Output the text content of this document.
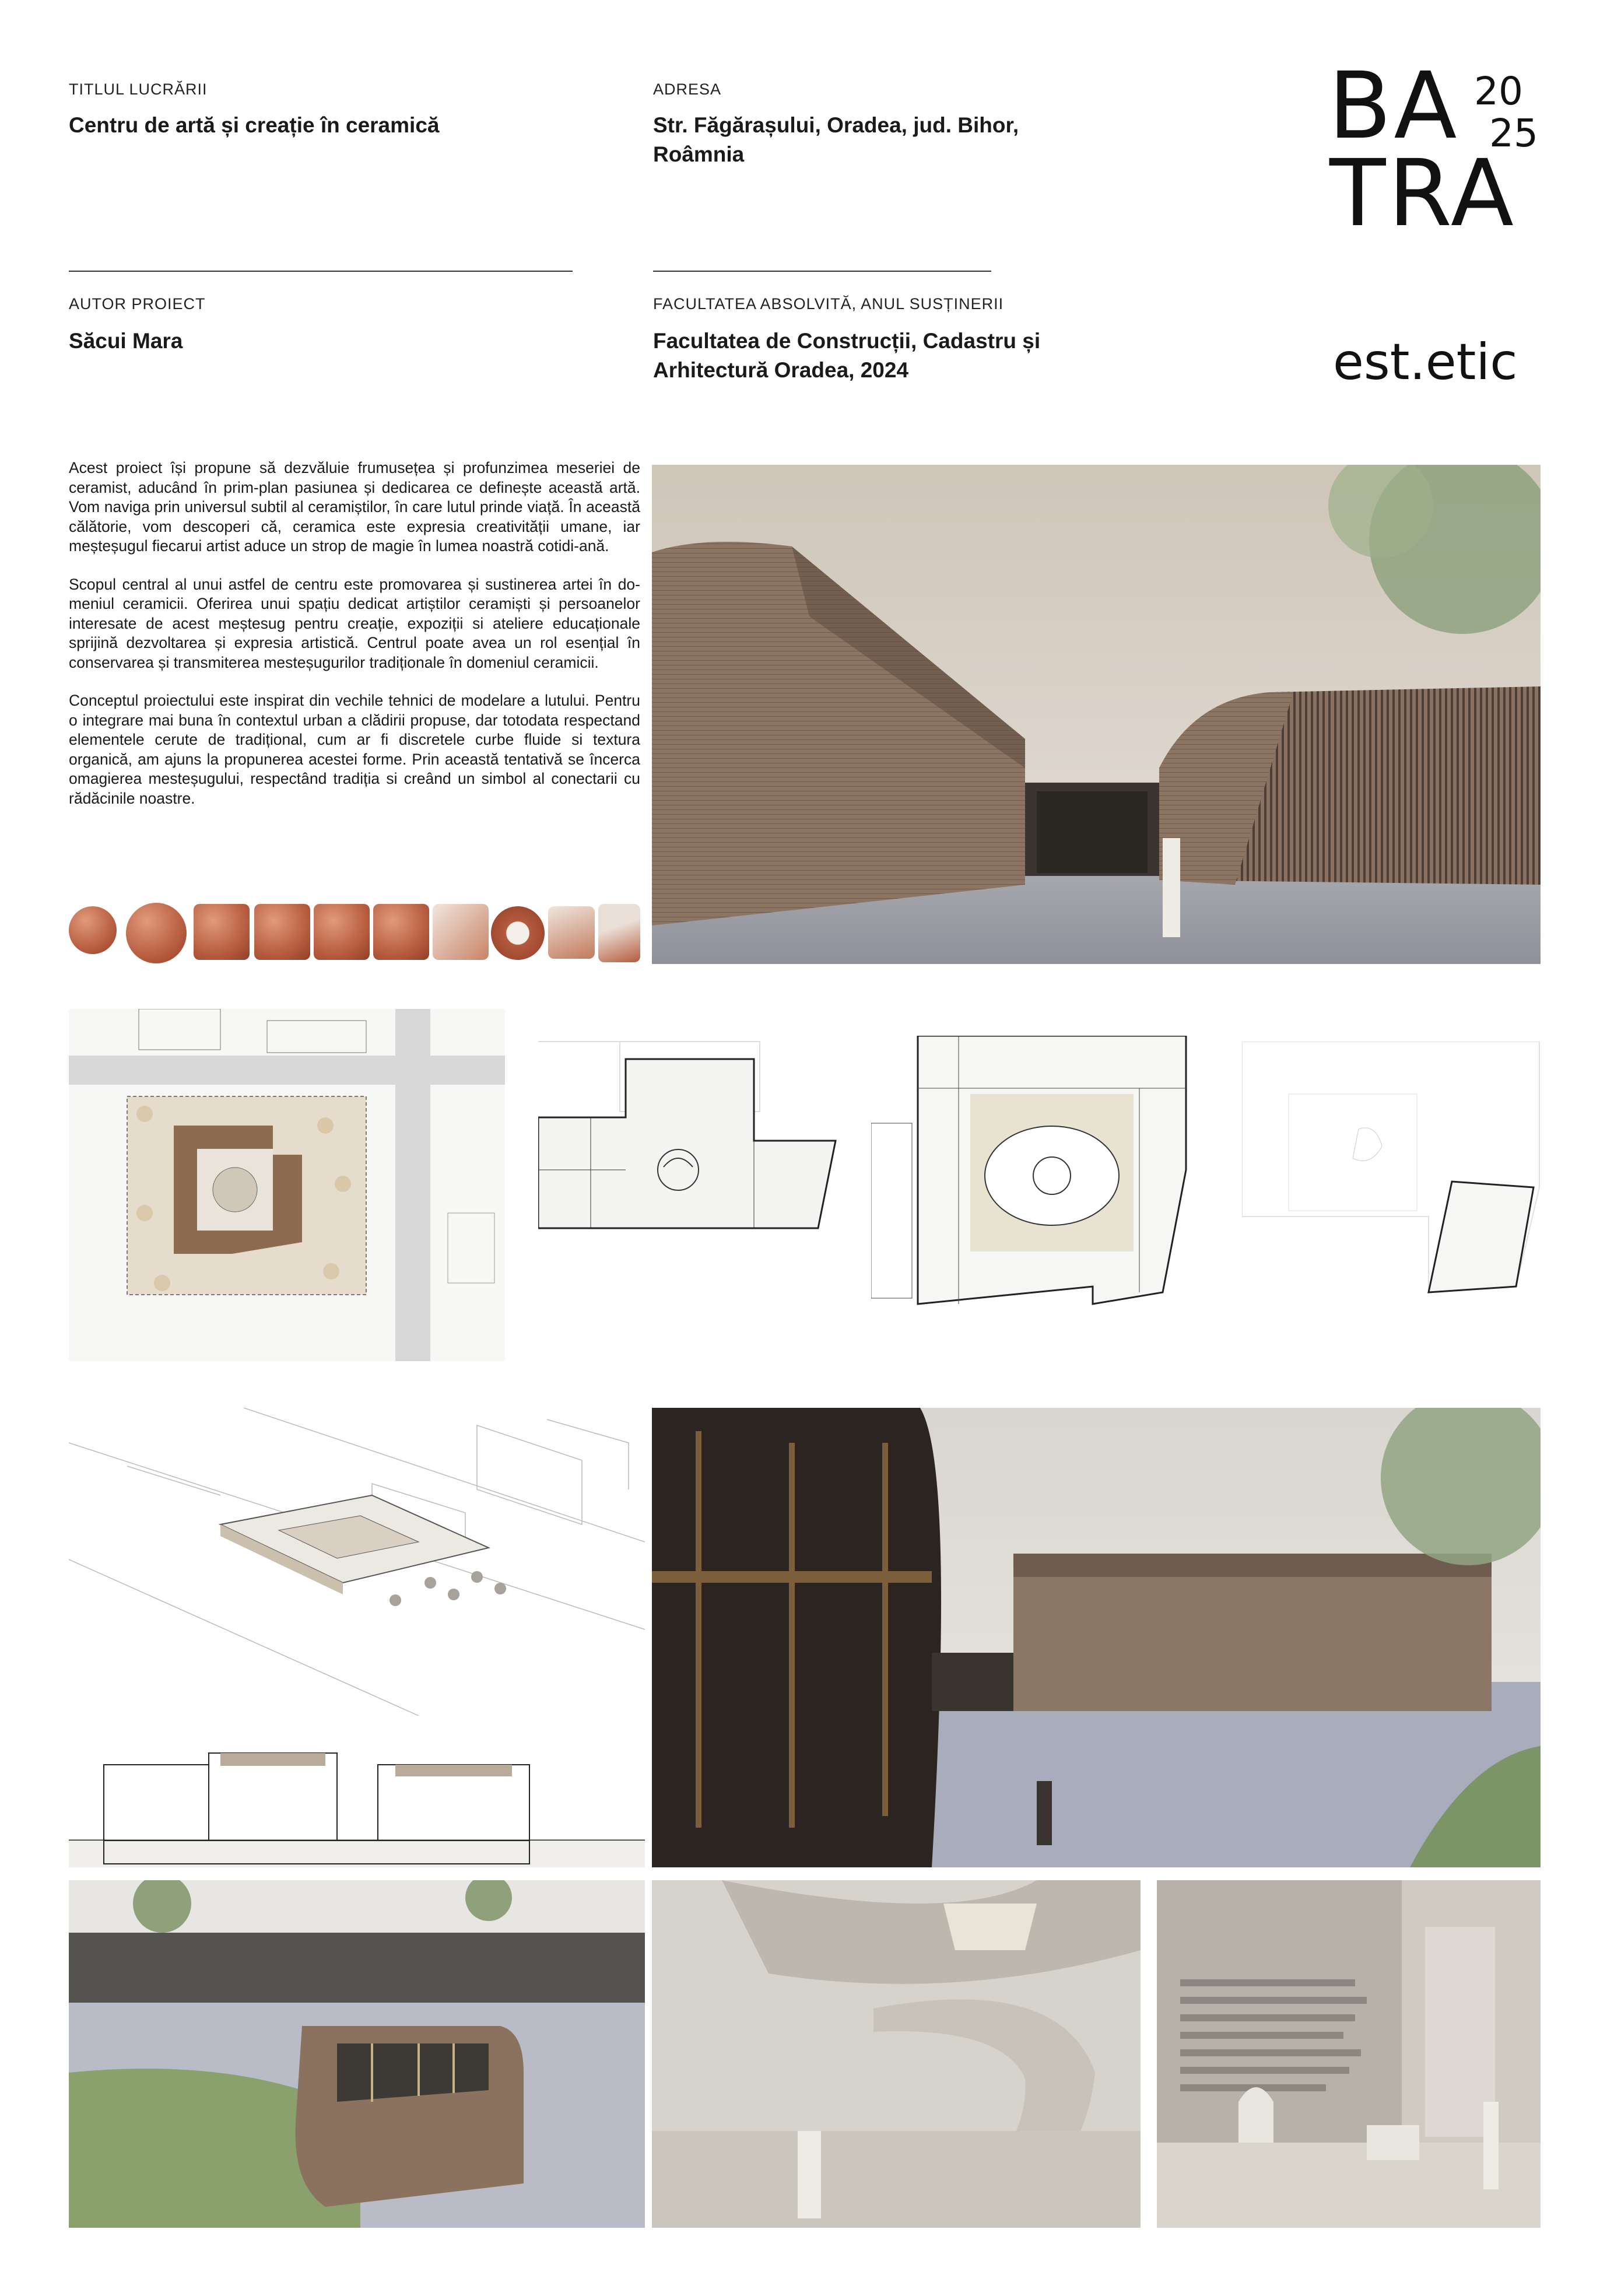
TITLUL LUCRĂRII
Centru de artă și creație în ceramică
AUTOR PROIECT
Săcui Mara
ADRESA
Str. Făgărașului, Oradea, jud. Bihor,
Roâmnia
FACULTATEA ABSOLVITĂ, ANUL SUSȚINERII
Facultatea de Construcții, Cadastru și
Arhitectură Oradea, 2024
BA
TRA
20
25
est.etic

Acest proiect își propune să dezvăluie frumusețea și profunzimea meseriei de ceramist, aducând în prim-plan pasiunea și dedicarea ce definește această artă. Vom naviga prin universul subtil al ceramiștilor, în care lutul prinde viață. În această călătorie, vom descoperi că, ceramica este expresia creativității umane, iar meșteșugul fiecarui artist aduce un strop de magie în lumea noastră cotidi-ană.

Scopul central al unui astfel de centru este promovarea și sustinerea artei în do-meniul ceramicii. Oferirea unui spațiu dedicat artiștilor ceramiști și persoanelor interesate de acest meștesug pentru creație, expoziții si ateliere educaționale sprijină dezvoltarea și expresia artistică. Centrul poate avea un rol esențial în conservarea și transmiterea mesteșugurilor tradiționale în domeniul ceramicii.

Conceptul proiectului este inspirat din vechile tehnici de modelare a lutului. Pentru o integrare mai buna în contextul urban a clădirii propuse, dar totodata respectand elementele cerute de tradițional, cum ar fi discretele curbe fluide si textura organică, am ajuns la propunerea acestei forme. Prin această tentativă se încerca omagierea mesteșugului, respectând tradiția si creând un simbol al conectarii cu rădăcinile noastre.
